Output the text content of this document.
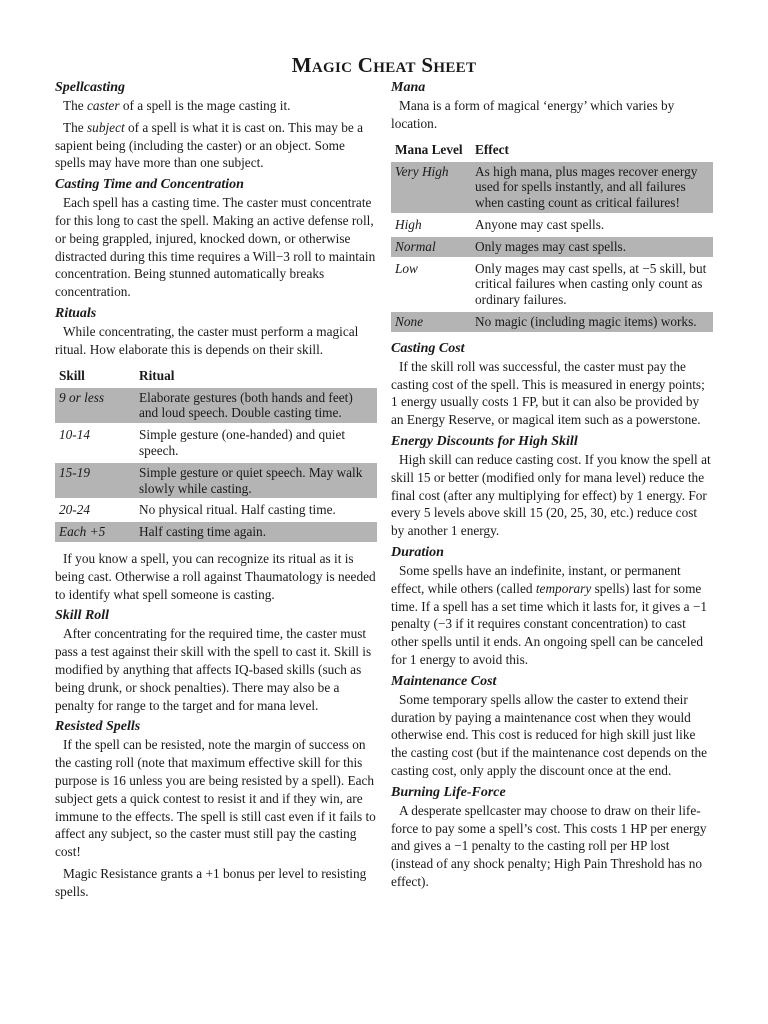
Magic Cheat Sheet
Spellcasting

The caster of a spell is the mage casting it.

The subject of a spell is what it is cast on. This may be a sapient being (including the caster) or an object. Some spells may have more than one subject.

Casting Time and Concentration

Each spell has a casting time. The caster must concentrate for this long to cast the spell. Making an active defense roll, or being grappled, injured, knocked down, or otherwise distracted during this time requires a Will−3 roll to maintain concentration. Being stunned automatically breaks concentration.

Rituals

While concentrating, the caster must perform a magical ritual. How elaborate this is depends on their skill.

Skill	Ritual
9 or less	Elaborate gestures (both hands and feet) and loud speech. Double casting time.
10-14	Simple gesture (one-handed) and quiet speech.
15-19	Simple gesture or quiet speech. May walk slowly while casting.
20-24	No physical ritual. Half casting time.
Each +5	Half casting time again.

If you know a spell, you can recognize its ritual as it is being cast. Otherwise a roll against Thaumatology is needed to identify what spell someone is casting.

Skill Roll

After concentrating for the required time, the caster must pass a test against their skill with the spell to cast it. Skill is modified by anything that affects IQ-based skills (such as being drunk, or shock penalties). There may also be a penalty for range to the target and for mana level.

Resisted Spells

If the spell can be resisted, note the margin of success on the casting roll (note that maximum effective skill for this purpose is 16 unless you are being resisted by a spell). Each subject gets a quick contest to resist it and if they win, are immune to the effects. The spell is still cast even if it fails to affect any subject, so the caster must still pay the casting cost!

Magic Resistance grants a +1 bonus per level to resisting spells.

Mana

Mana is a form of magical ‘energy’ which varies by location.

Mana Level	Effect
Very High	As high mana, plus mages recover energy used for spells instantly, and all failures when casting count as critical failures!
High	Anyone may cast spells.
Normal	Only mages may cast spells.
Low	Only mages may cast spells, at −5 skill, but critical failures when casting only count as ordinary failures.
None	No magic (including magic items) works.
Casting Cost

If the skill roll was successful, the caster must pay the casting cost of the spell. This is measured in energy points; 1 energy usually costs 1 FP, but it can also be provided by an Energy Reserve, or magical item such as a powerstone.

Energy Discounts for High Skill

High skill can reduce casting cost. If you know the spell at skill 15 or better (modified only for mana level) reduce the final cost (after any multiplying for effect) by 1 energy. For every 5 levels above skill 15 (20, 25, 30, etc.) reduce cost by another 1 energy.

Duration

Some spells have an indefinite, instant, or permanent effect, while others (called temporary spells) last for some time. If a spell has a set time which it lasts for, it gives a −1 penalty (−3 if it requires constant concentration) to cast other spells until it ends. An ongoing spell can be canceled for 1 energy to avoid this.

Maintenance Cost

Some temporary spells allow the caster to extend their duration by paying a maintenance cost when they would otherwise end. This cost is reduced for high skill just like the casting cost (but if the maintenance cost depends on the casting cost, only apply the discount once at the end.

Burning Life-Force

A desperate spellcaster may choose to draw on their life-force to pay some a spell’s cost. This costs 1 HP per energy and gives a −1 penalty to the casting roll per HP lost (instead of any shock penalty; High Pain Threshold has no effect).
